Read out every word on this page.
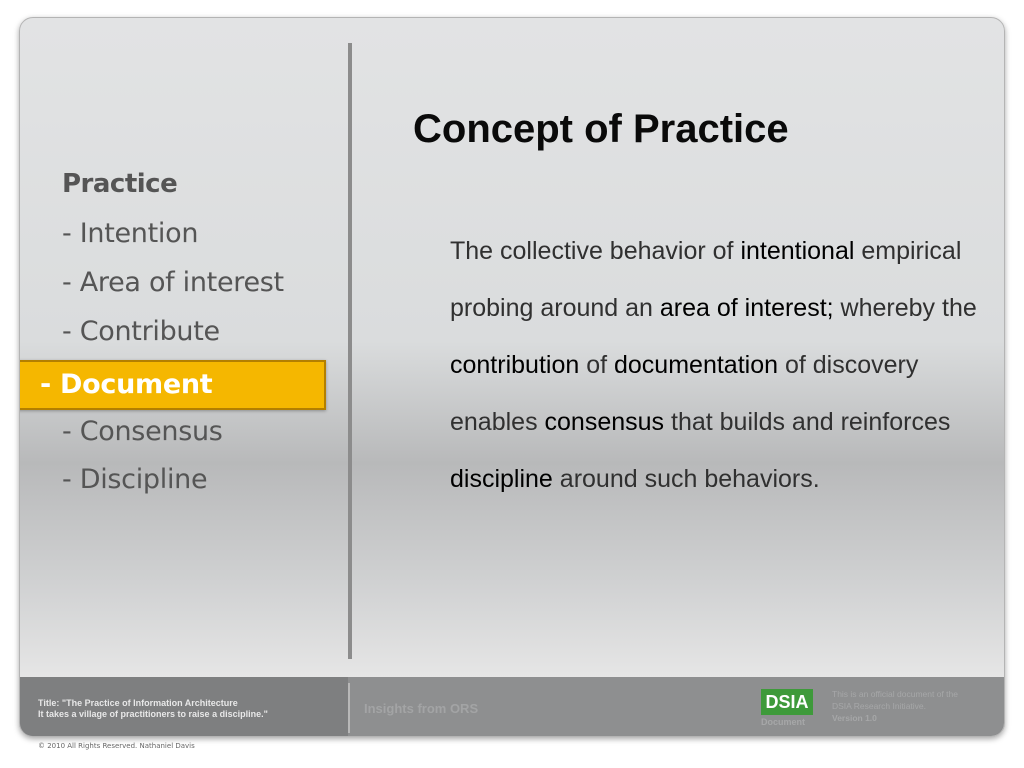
Practice
- Intention
- Area of interest
- Contribute
- Document
- Consensus
- Discipline
Concept of Practice
The collective behavior of intentional empirical probing around an area of interest; whereby the contribution of documentation of discovery enables consensus that builds and reinforces discipline around such behaviors.
Title: "The Practice of Information Architecture
It takes a village of practitioners to raise a discipline."	Insights from ORS	DSIA
Document
This is an official document of the
DSIA Research Initiative.
Version 1.0
© 2010 All Rights Reserved. Nathaniel Davis
